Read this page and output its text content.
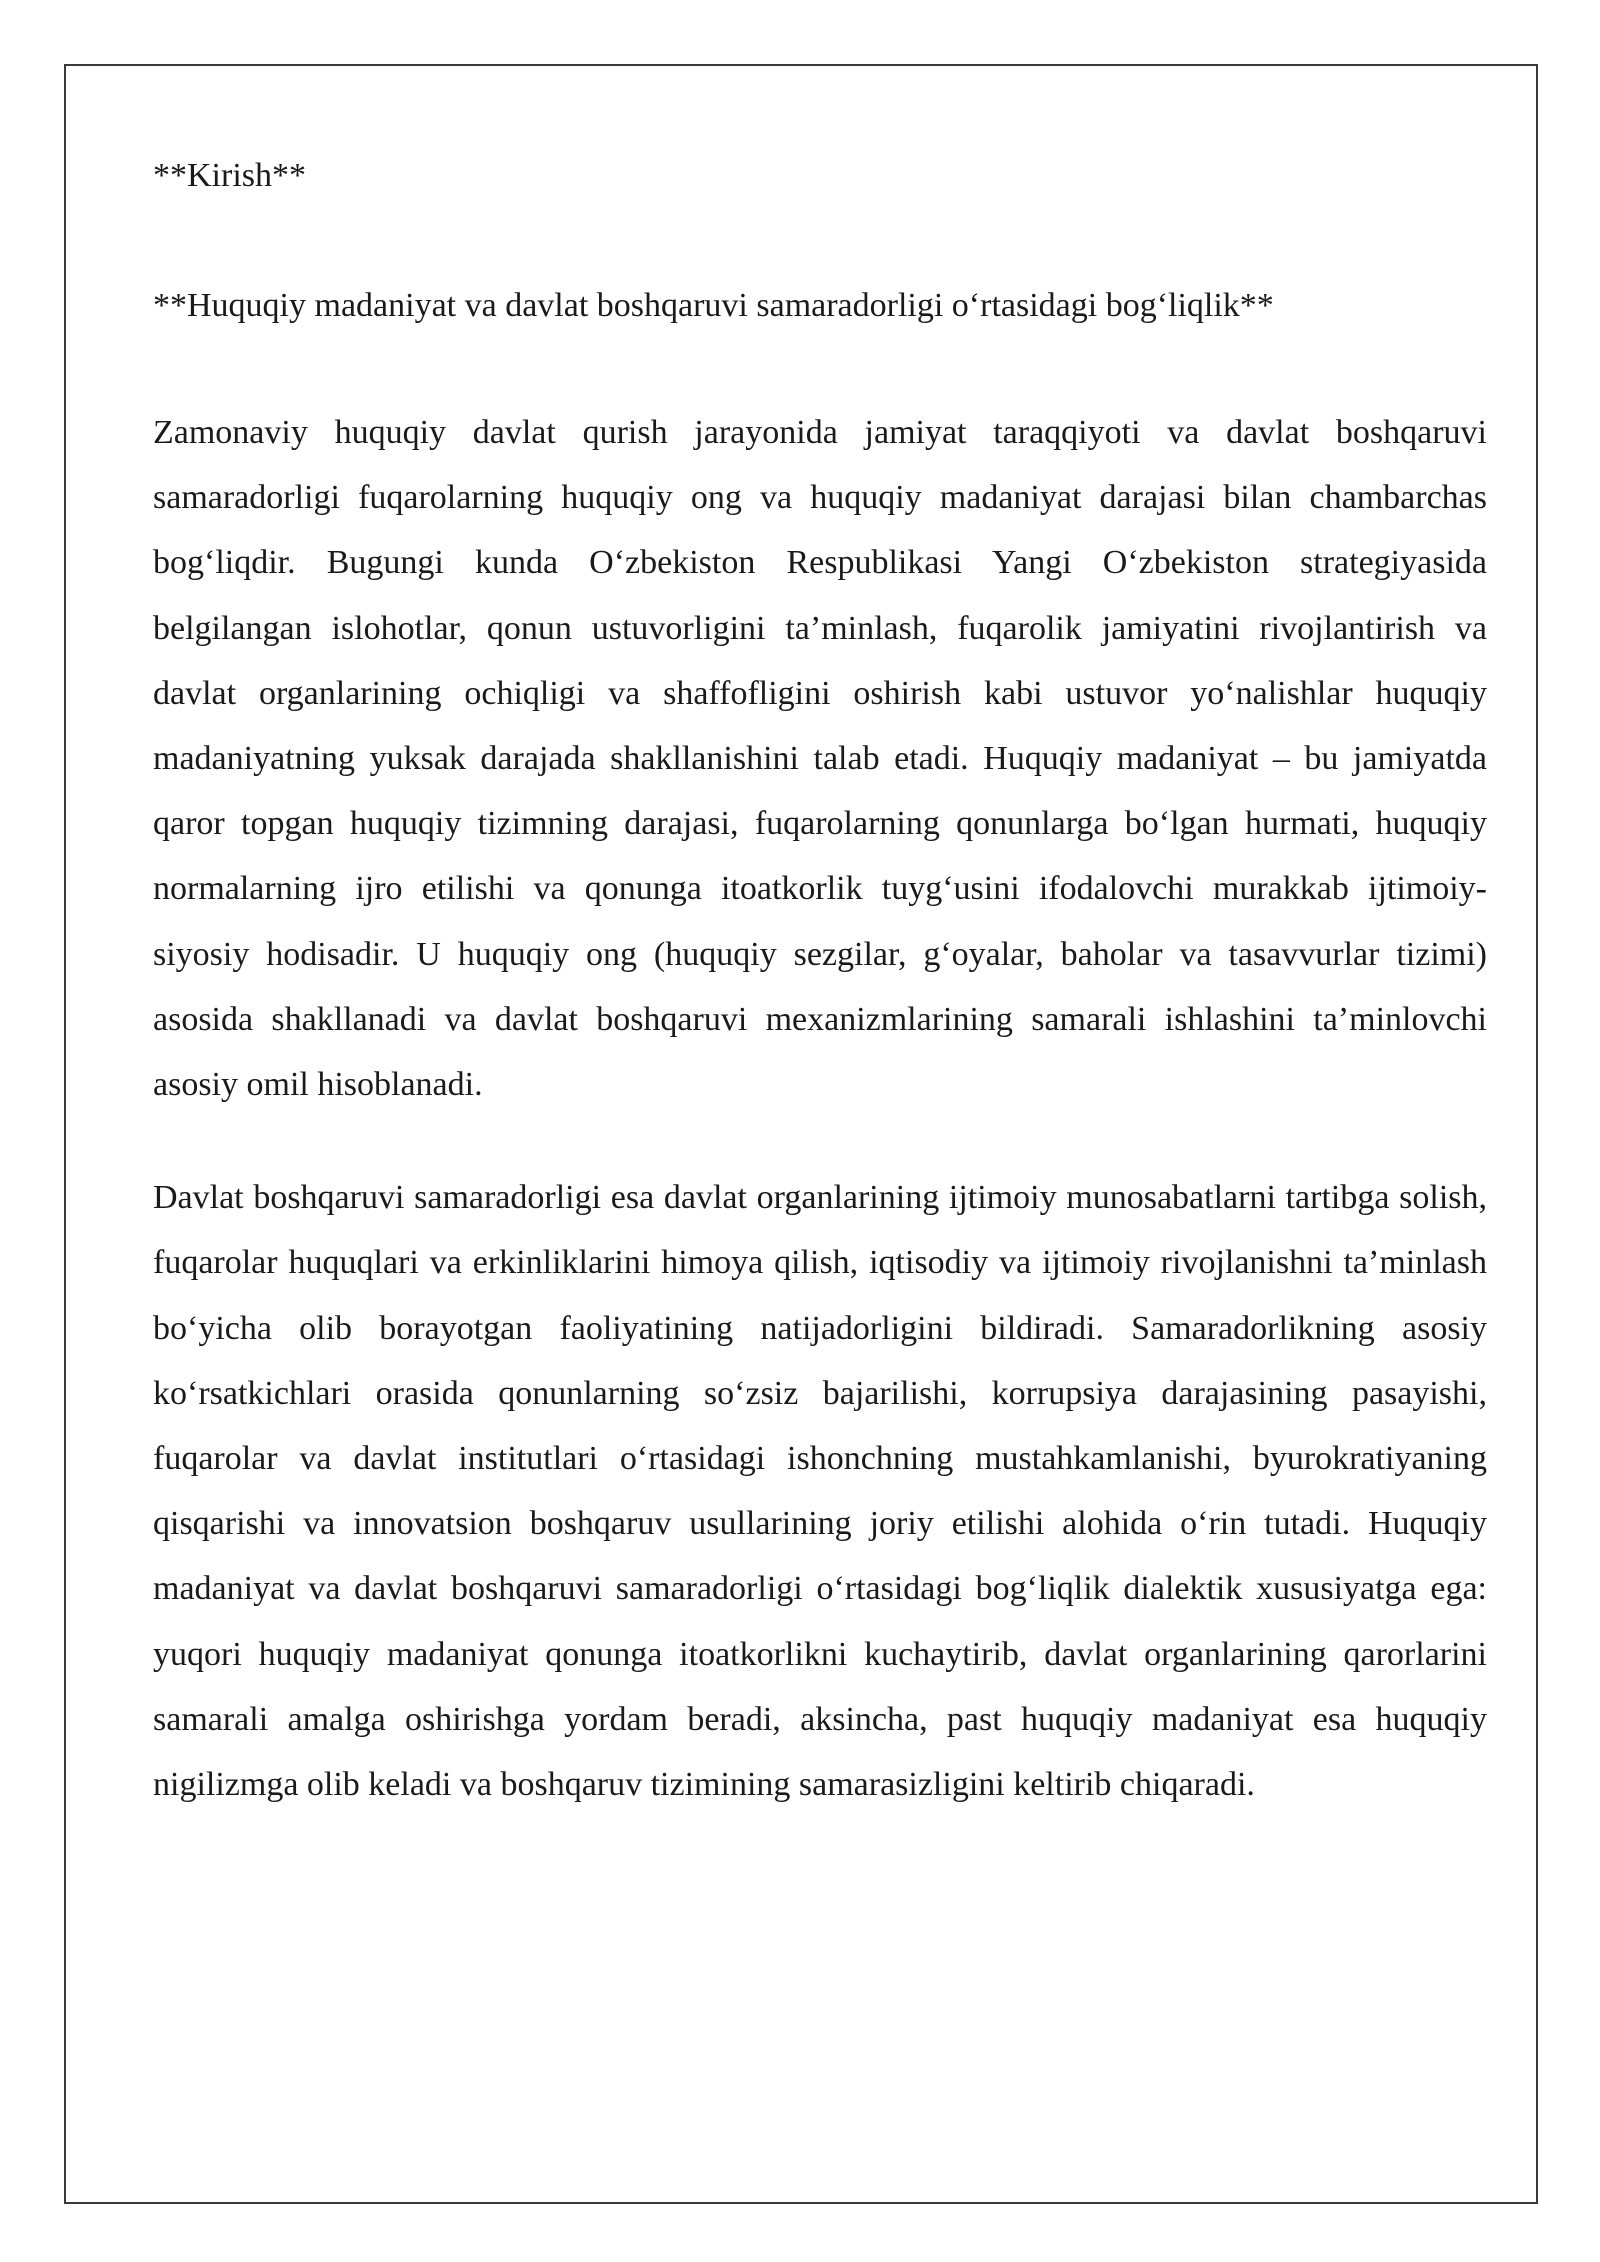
**Kirish**

**Huquqiy madaniyat va davlat boshqaruvi samaradorligi o‘rtasidagi bog‘liqlik**

Zamonaviy huquqiy davlat qurish jarayonida jamiyat taraqqiyoti va davlat boshqaruvi samaradorligi fuqarolarning huquqiy ong va huquqiy madaniyat darajasi bilan chambarchas bog‘liqdir. Bugungi kunda O‘zbekiston Respublikasi Yangi O‘zbekiston strategiyasida belgilangan islohotlar, qonun ustuvorligini ta’minlash, fuqarolik jamiyatini rivojlantirish va davlat organlarining ochiqligi va shaffofligini oshirish kabi ustuvor yo‘nalishlar huquqiy madaniyatning yuksak darajada shakllanishini talab etadi. Huquqiy madaniyat – bu jamiyatda qaror topgan huquqiy tizimning darajasi, fuqarolarning qonunlarga bo‘lgan hurmati, huquqiy normalarning ijro etilishi va qonunga itoatkorlik tuyg‘usini ifodalovchi murakkab ijtimoiy-siyosiy hodisadir. U huquqiy ong (huquqiy sezgilar, g‘oyalar, baholar va tasavvurlar tizimi) asosida shakllanadi va davlat boshqaruvi mexanizmlarining samarali ishlashini ta’minlovchi asosiy omil hisoblanadi.

Davlat boshqaruvi samaradorligi esa davlat organlarining ijtimoiy munosabatlarni tartibga solish, fuqarolar huquqlari va erkinliklarini himoya qilish, iqtisodiy va ijtimoiy rivojlanishni ta’minlash bo‘yicha olib borayotgan faoliyatining natijadorligini bildiradi. Samaradorlikning asosiy ko‘rsatkichlari orasida qonunlarning so‘zsiz bajarilishi, korrupsiya darajasining pasayishi, fuqarolar va davlat institutlari o‘rtasidagi ishonchning mustahkamlanishi, byurokratiyaning qisqarishi va innovatsion boshqaruv usullarining joriy etilishi alohida o‘rin tutadi. Huquqiy madaniyat va davlat boshqaruvi samaradorligi o‘rtasidagi bog‘liqlik dialektik xususiyatga ega: yuqori huquqiy madaniyat qonunga itoatkorlikni kuchaytirib, davlat organlarining qarorlarini samarali amalga oshirishga yordam beradi, aksincha, past huquqiy madaniyat esa huquqiy nigilizmga olib keladi va boshqaruv tizimining samarasizligini keltirib chiqaradi.
